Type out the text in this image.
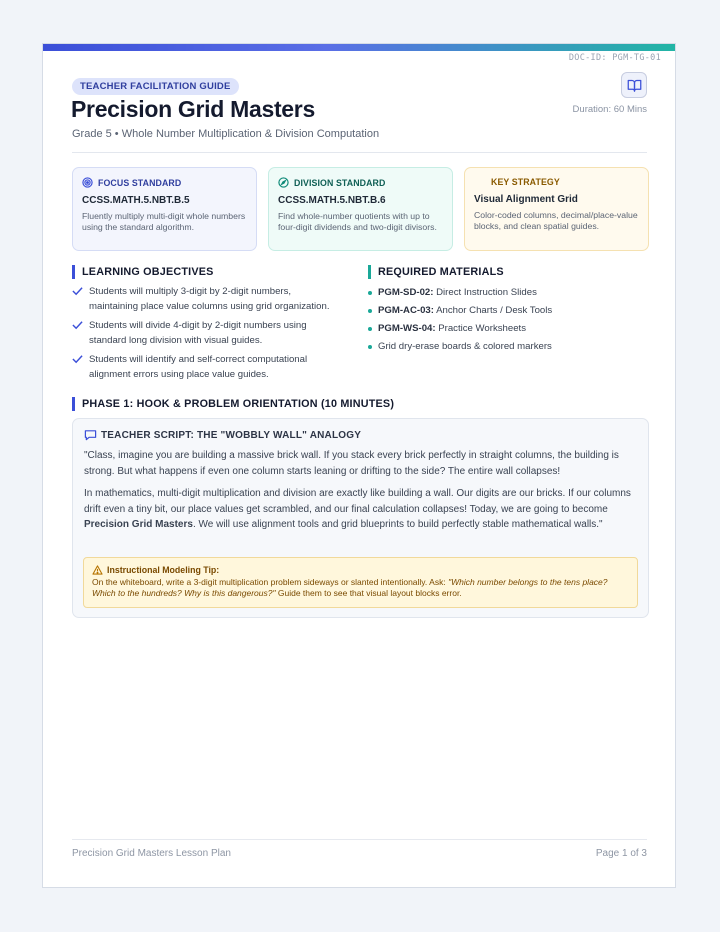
DOC-ID: PGM-TG-01
TEACHER FACILITATION GUIDE
Precision Grid Masters
Grade 5 • Whole Number Multiplication & Division Computation
Duration: 60 Mins
FOCUS STANDARD
CCSS.MATH.5.NBT.B.5
Fluently multiply multi-digit whole numbers using the standard algorithm.
DIVISION STANDARD
CCSS.MATH.5.NBT.B.6
Find whole-number quotients with up to four-digit dividends and two-digit divisors.
KEY STRATEGY
Visual Alignment Grid
Color-coded columns, decimal/place-value blocks, and clean spatial guides.
LEARNING OBJECTIVES
Students will multiply 3-digit by 2-digit numbers, maintaining place value columns using grid organization.
Students will divide 4-digit by 2-digit numbers using standard long division with visual guides.
Students will identify and self-correct computational alignment errors using place value guides.
REQUIRED MATERIALS
PGM-SD-02: Direct Instruction Slides
PGM-AC-03: Anchor Charts / Desk Tools
PGM-WS-04: Practice Worksheets
Grid dry-erase boards & colored markers
PHASE 1: HOOK & PROBLEM ORIENTATION (10 MINUTES)
TEACHER SCRIPT: THE "WOBBLY WALL" ANALOGY

"Class, imagine you are building a massive brick wall. If you stack every brick perfectly in straight columns, the building is strong. But what happens if even one column starts leaning or drifting to the side? The entire wall collapses!

In mathematics, multi-digit multiplication and division are exactly like building a wall. Our digits are our bricks. If our columns drift even a tiny bit, our place values get scrambled, and our final calculation collapses! Today, we are going to become Precision Grid Masters. We will use alignment tools and grid blueprints to build perfectly stable mathematical walls."

Instructional Modeling Tip:
On the whiteboard, write a 3-digit multiplication problem sideways or slanted intentionally. Ask: "Which number belongs to the tens place? Which to the hundreds? Why is this dangerous?" Guide them to see that visual layout blocks error.
Precision Grid Masters Lesson Plan	Page 1 of 3
